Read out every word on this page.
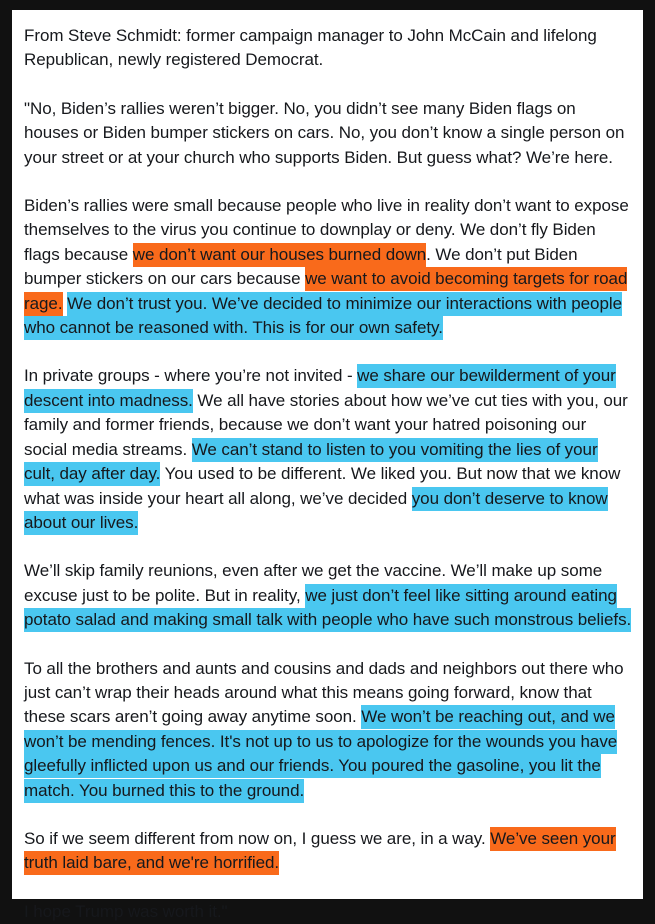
From Steve Schmidt: former campaign manager to John McCain and lifelong Republican, newly registered Democrat.

"No, Biden’s rallies weren’t bigger. No, you didn’t see many Biden flags on houses or Biden bumper stickers on cars. No, you don’t know a single person on your street or at your church who supports Biden. But guess what? We’re here.

Biden’s rallies were small because people who live in reality don’t want to expose themselves to the virus you continue to downplay or deny. We don’t fly Biden flags because we don’t want our houses burned down. We don’t put Biden bumper stickers on our cars because we want to avoid becoming targets for road rage. We don’t trust you. We’ve decided to minimize our interactions with people who cannot be reasoned with. This is for our own safety.

In private groups - where you’re not invited - we share our bewilderment of your descent into madness. We all have stories about how we’ve cut ties with you, our family and former friends, because we don’t want your hatred poisoning our social media streams. We can’t stand to listen to you vomiting the lies of your cult, day after day. You used to be different. We liked you. But now that we know what was inside your heart all along, we’ve decided you don’t deserve to know about our lives.

We’ll skip family reunions, even after we get the vaccine. We’ll make up some excuse just to be polite. But in reality, we just don’t feel like sitting around eating potato salad and making small talk with people who have such monstrous beliefs.

To all the brothers and aunts and cousins and dads and neighbors out there who just can’t wrap their heads around what this means going forward, know that these scars aren’t going away anytime soon. We won’t be reaching out, and we won’t be mending fences. It's not up to us to apologize for the wounds you have gleefully inflicted upon us and our friends. You poured the gasoline, you lit the match. You burned this to the ground.

So if we seem different from now on, I guess we are, in a way. We’ve seen your truth laid bare, and we're horrified.

I hope Trump was worth it."
